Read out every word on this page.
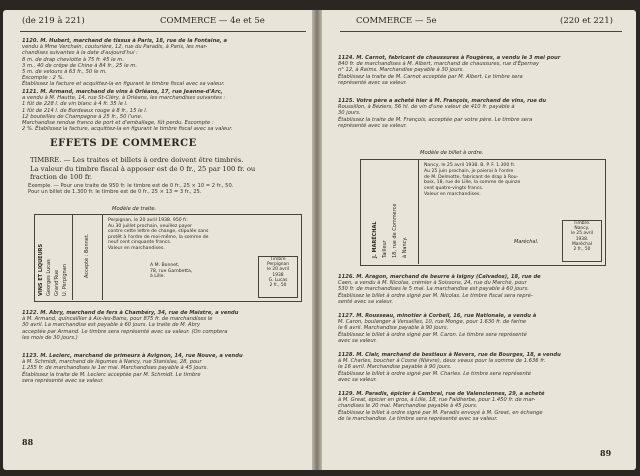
(de 219 à 221)	COMMERCE — 4e et 5e
1120. M. Hubert, marchand de tissus à Paris, 18, rue de la Fontaine, a
vendu à Mme Verchain, couturière, 12, rue du Paradis, à Paris, les mar-
chandises suivantes à la date d'aujourd'hui :
8 m. de drap cheviotte à 75 fr. 45 le m.
3 m., 40 de crêpe de Chine à 84 fr., 25 le m.
5 m. de velours à 63 fr., 50 le m.
Escompte : 2 %.
Établissez la facture et acquittez-la en figurant le timbre fiscal avec sa valeur.
1121. M. Armand, marchand de vins à Orléans, 17, rue Jeanne-d'Arc,
a vendu à M. Hautte, 14, rue St-Cléry, à Orléans, les marchandises suivantes :
1 fût de 228 l. de vin blanc à 4 fr. 35 le l.
1 fût de 214 l. de Bordeaux rouge à 8 fr., 15 le l.
12 bouteilles de Champagne à 25 fr., 50 l'une.
Marchandise rendue franco de port et d'emballage, fût perdu. Escompte :
2 %. Établissez la facture, acquittez-la en figurant le timbre fiscal avec sa valeur.
EFFETS DE COMMERCE
TIMBRE. — Les traites et billets à ordre doivent être timbrés.
La valeur du timbre fiscal à apposer est de 0 fr., 25 par 100 fr. ou
fraction de 100 fr.
Exemple. — Pour une traite de 950 fr. le timbre est de 0 fr., 25 × 10 = 2 fr., 50.
Pour un billet de 1.300 fr. le timbre est de 0 fr., 25 × 13 = 3 fr., 25.
Modèle de traite.
VINS ET LIQUEURS Georges Lucas Grand'Rue U. Perpignan
Accepté : Bonnet.
Perpignan, le 20 avril 1938. 950 fr.
Au 30 juillet prochain, veuillez payer
contre cette lettre de change, stipulée sans
protêt à l'ordre de moi-même, la somme de
neuf cent cinquante francs.
Valeur en marchandises.
A M. Bonnet,
78, rue Gambetta,
à Lille.
Timbre
Perpignan
le 20 avril
1938
G. Lucas
2 fr., 50
1122. M. Abry, marchand de fers à Chambéry, 34, rue de Maistre, a vendu
à M. Armand, quincaillier à Aix-les-Bains, pour 875 fr. de marchandises le
30 avril. La marchandise est payable à 60 jours. La traite de M. Abry
acceptée par Armand. Le timbre sera représenté avec sa valeur. (On comptera
les mois de 30 jours.)
1123. M. Leclerc, marchand de primeurs à Avignon, 14, rue Nouve, a vendu
à M. Schmidt, marchand de légumes à Nancy, rue Stanislas, 28, pour
1.255 fr. de marchandises le 1er mai. Marchandises payable à 45 jours.
Établissez la traite de M. Leclerc acceptée par M. Schmidt. Le timbre
sera représenté avec sa valeur.
88
COMMERCE — 5e	(220 et 221)
1124. M. Carnot, fabricant de chaussures à Fougères, a vendu le 3 mai pour
840 fr. de marchandises à M. Albert, marchand de chaussures, rue d'Épernay
n° 12, à Reims. Marchandise payable à 30 jours.
Établissez la traite de M. Carnot acceptée par M. Albert. Le timbre sera
représenté avec sa valeur.
1125. Votre père a acheté hier à M. François, marchand de vins, rue du
Roussillon, à Béziers, 56 hl. de vin d'une valeur de 410 fr. payable à
30 jours.
Établissez la traite de M. François, acceptée par votre père. Le timbre sera
représenté avec sa valeur.
Modèle de billet à ordre.
J. MARÉCHAL Tailleur 18, rue de Commerce à Nancy.
Nancy, le 25 avril 1938. B. P. F. 1.300 fr.
Au 25 juin prochain, je paierai à l'ordre
de M. Delmotte, fabricant de drap à Rou-
baix, 18, rue de Lille, la somme de quinze
cent quatre-vingts francs.
Valeur en marchandises.
Maréchal.
Timbre.
Nancy,
le 25 avril
1938.
Maréchal
2 fr., 50
1126. M. Aragon, marchand de beurre à Isigny (Calvados), 18, rue de
Caen, a vendu à M. Nicolas, crémier à Soissons, 24, rue du Marché, pour
530 fr. de marchandises le 5 mai. La marchandise est payable à 60 jours.
Établissez le billet à ordre signé par M. Nicolas. Le timbre fiscal sera repré-
senté avec sa valeur.
1127. M. Rousseau, minotier à Corbeil, 16, rue Nationale, a vendu à
M. Caron, boulanger à Versailles, 10, rue Monge, pour 1.630 fr. de farine
le 6 avril. Marchandise payable à 90 jours.
Établissez le billet à ordre signé par M. Caron. Le timbre sera représenté
avec sa valeur.
1128. M. Clair, marchand de bestiaux à Nevers, rue de Bourges, 18, a vendu
à M. Charles, boucher à Cosne (Nièvre), deux veaux pour la somme de 1.636 fr.
le 16 avril. Marchandise payable à 90 jours.
Établissez le billet à ordre signé par M. Charles. Le timbre sera représenté
avec sa valeur.
1129. M. Paradis, épicier à Cambrai, rue de Valenciennes, 29, a acheté
à M. Great, épicier en gros, à Lille, 18, rue Faidherbe, pour 1.450 fr. de mar-
chandises le 20 mai. Marchandise payable à 45 jours.
Établissez le billet à ordre signé par M. Paradis envoyé à M. Great, en échange
de la marchandise. Le timbre sera représenté avec sa valeur.
89
